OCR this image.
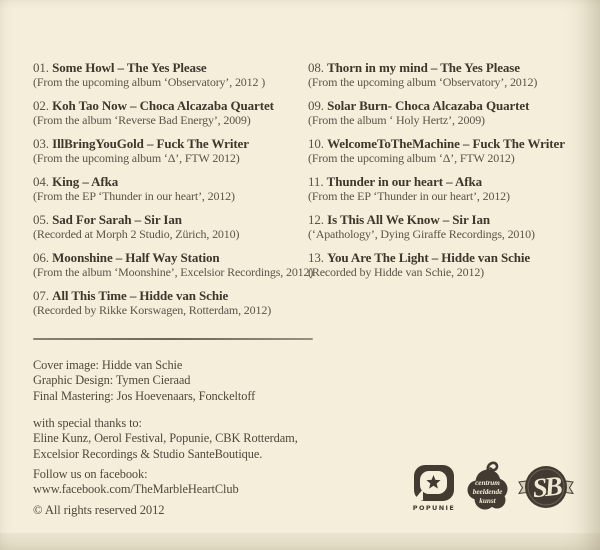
01. Some Howl – The Yes Please
(From the upcoming album ‘Observatory’, 2012 )
02. Koh Tao Now – Choca Alcazaba Quartet
(From the album ‘Reverse Bad Energy’, 2009)
03. IllBringYouGold – Fuck The Writer
(From the upcoming album ‘Δ’, FTW 2012)
04. King – Afka
(From the EP ‘Thunder in our heart’, 2012)
05. Sad For Sarah – Sir Ian
(Recorded at Morph 2 Studio, Zürich, 2010)
06. Moonshine – Half Way Station
(From the album ‘Moonshine’, Excelsior Recordings, 2012)
07. All This Time – Hidde van Schie
(Recorded by Rikke Korswagen, Rotterdam, 2012)
08. Thorn in my mind – The Yes Please
(From the upcoming album ‘Observatory’, 2012)
09. Solar Burn- Choca Alcazaba Quartet
(From the album ‘ Holy Hertz’, 2009)
10. WelcomeToTheMachine – Fuck The Writer
(From the upcoming album ‘Δ’, FTW 2012)
11. Thunder in our heart – Afka
(From the EP ‘Thunder in our heart’, 2012)
12. Is This All We Know – Sir Ian
(‘Apathology’, Dying Giraffe Recordings, 2010)
13. You Are The Light – Hidde van Schie
(Recorded by Hidde van Schie, 2012)
Cover image: Hidde van Schie
Graphic Design: Tymen Cieraad
Final Mastering: Jos Hoevenaars, Fonckeltoff
with special thanks to:
Eline Kunz, Oerol Festival, Popunie, CBK Rotterdam,
Excelsior Recordings & Studio SanteBoutique.
Follow us on facebook:
www.facebook.com/TheMarbleHeartClub
© All rights reserved 2012	POPUNIE
centrum
beeldende
kunst SB
